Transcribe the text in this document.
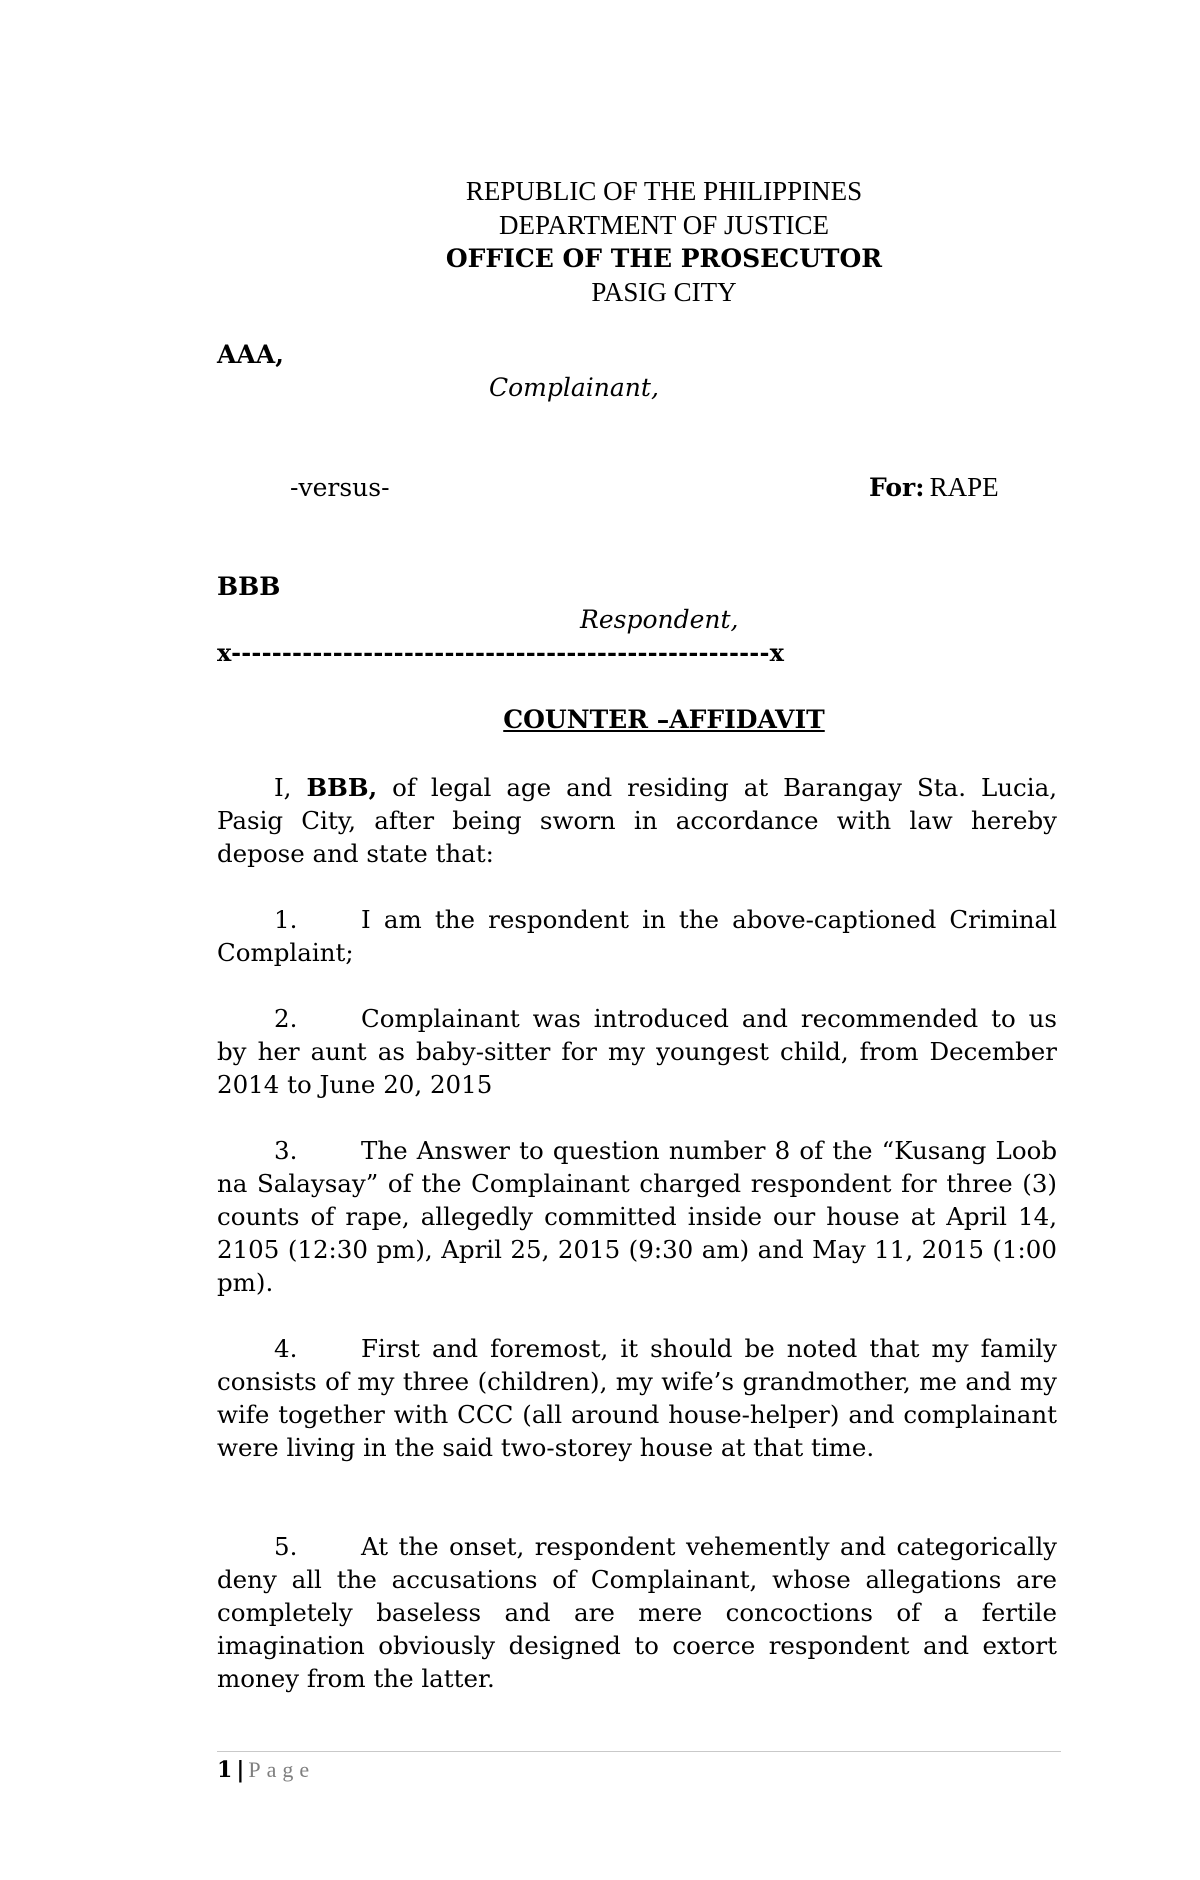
REPUBLIC OF THE PHILIPPINES
DEPARTMENT OF JUSTICE
OFFICE OF THE PROSECUTOR
PASIG CITY
AAA,
Complainant,
-versus-	For: RAPE
BBB
Respondent,
x-----------------------------------------------------x
COUNTER –AFFIDAVIT
I, BBB, of legal age and residing at Barangay Sta. Lucia, Pasig City, after being sworn in accordance with law hereby depose and state that:
1.	I am the respondent in the above-captioned Criminal Complaint;
2.	Complainant was introduced and recommended to us by her aunt as baby-sitter for my youngest child, from December 2014 to June 20, 2015
3.	The Answer to question number 8 of the “Kusang Loob na Salaysay” of the Complainant charged respondent for three (3) counts of rape, allegedly committed inside our house at April 14, 2105 (12:30 pm), April 25, 2015 (9:30 am) and May 11, 2015 (1:00 pm).
4.	First and foremost, it should be noted that my family consists of my three (children), my wife’s grandmother, me and my wife together with CCC (all around house-helper) and complainant were living in the said two-storey house at that time.
5.	At the onset, respondent vehemently and categorically deny all the accusations of Complainant, whose allegations are completely baseless and are mere concoctions of a fertile imagination obviously designed to coerce respondent and extort money from the latter.
1 | Page
